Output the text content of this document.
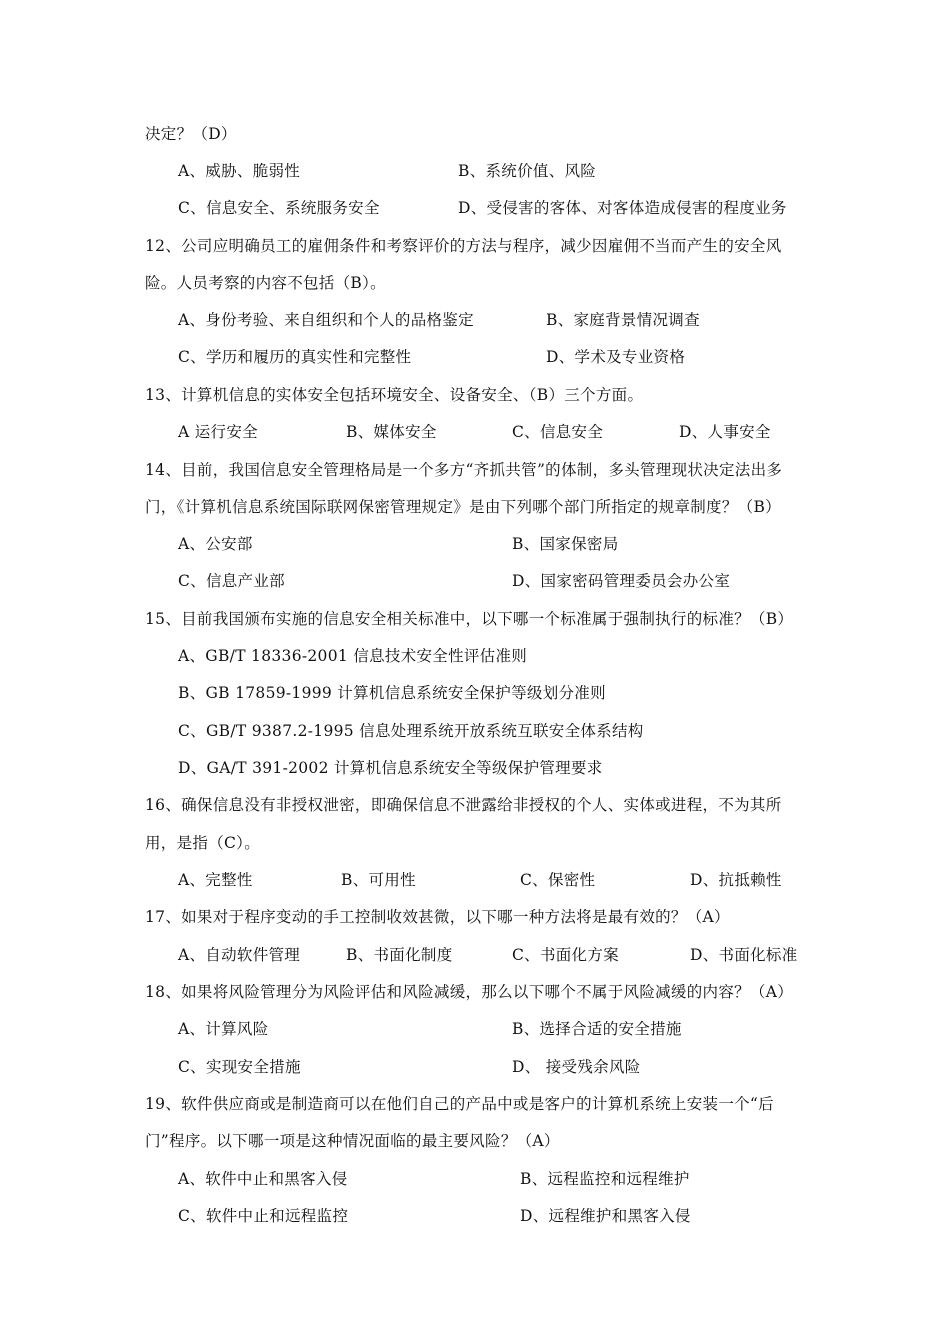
决定？（D）
A、威胁、脆弱性	B、系统价值、风险
C、信息安全、系统服务安全	D、受侵害的客体、对客体造成侵害的程度业务
12、公司应明确员工的雇佣条件和考察评价的方法与程序，减少因雇佣不当而产生的安全风
险。人员考察的内容不包括（B）。
A、身份考验、来自组织和个人的品格鉴定	B、家庭背景情况调查
C、学历和履历的真实性和完整性	D、学术及专业资格
13、计算机信息的实体安全包括环境安全、设备安全、（B）三个方面。
A 运行安全	B、媒体安全	C、信息安全	D、人事安全
14、目前，我国信息安全管理格局是一个多方“齐抓共管”的体制，多头管理现状决定法出多
门，《计算机信息系统国际联网保密管理规定》是由下列哪个部门所指定的规章制度？（B）
A、公安部	B、国家保密局
C、信息产业部	D、国家密码管理委员会办公室
15、目前我国颁布实施的信息安全相关标准中，以下哪一个标准属于强制执行的标准？（B）
A、GB/T 18336-2001 信息技术安全性评估准则
B、GB 17859-1999 计算机信息系统安全保护等级划分准则
C、GB/T 9387.2-1995 信息处理系统开放系统互联安全体系结构
D、GA/T 391-2002 计算机信息系统安全等级保护管理要求
16、确保信息没有非授权泄密，即确保信息不泄露给非授权的个人、实体或进程，不为其所
用，是指（C）。
A、完整性	B、可用性	C、保密性	D、抗抵赖性
17、如果对于程序变动的手工控制收效甚微，以下哪一种方法将是最有效的？（A）
A、自动软件管理	B、书面化制度	C、书面化方案	D、书面化标准
18、如果将风险管理分为风险评估和风险减缓，那么以下哪个不属于风险减缓的内容？（A）
A、计算风险	B、选择合适的安全措施
C、实现安全措施	D、 接受残余风险
19、软件供应商或是制造商可以在他们自己的产品中或是客户的计算机系统上安装一个“后
门”程序。以下哪一项是这种情况面临的最主要风险？（A）
A、软件中止和黑客入侵	B、远程监控和远程维护
C、软件中止和远程监控	D、远程维护和黑客入侵
